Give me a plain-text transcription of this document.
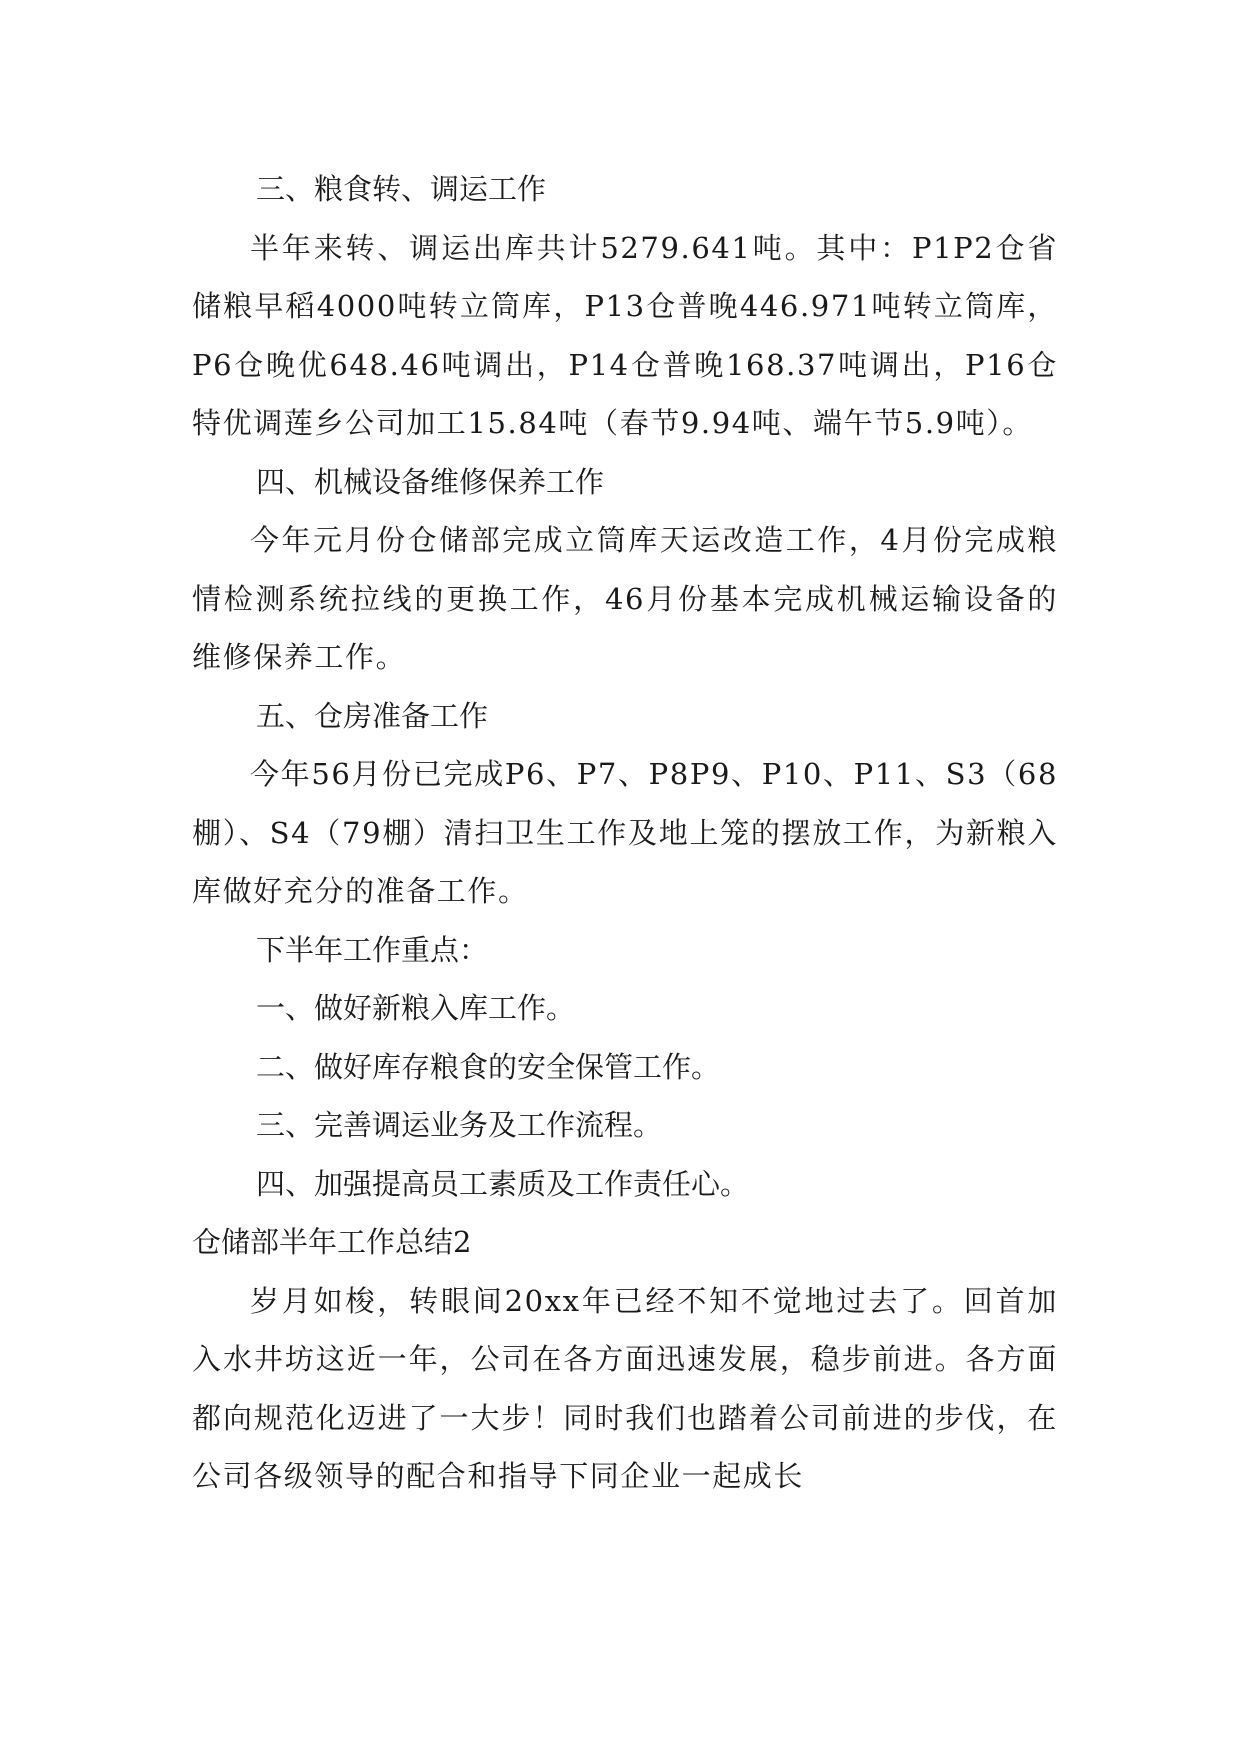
三、粮食转、调运工作

半年来转、调运出库共计5279.641吨。其中：P1P2仓省储粮早稻4000吨转立筒库，P13仓普晚446.971吨转立筒库，P6仓晚优648.46吨调出，P14仓普晚168.37吨调出，P16仓特优调莲乡公司加工15.84吨（春节9.94吨、端午节5.9吨）。

四、机械设备维修保养工作

今年元月份仓储部完成立筒库天运改造工作，4月份完成粮情检测系统拉线的更换工作，46月份基本完成机械运输设备的维修保养工作。

五、仓房准备工作

今年56月份已完成P6、P7、P8P9、P10、P11、S3（68棚）、S4（79棚）清扫卫生工作及地上笼的摆放工作，为新粮入库做好充分的准备工作。

下半年工作重点：
一、做好新粮入库工作。
二、做好库存粮食的安全保管工作。
三、完善调运业务及工作流程。
四、加强提高员工素质及工作责任心。
仓储部半年工作总结2

岁月如梭，转眼间20xx年已经不知不觉地过去了。回首加入水井坊这近一年，公司在各方面迅速发展，稳步前进。各方面都向规范化迈进了一大步！同时我们也踏着公司前进的步伐，在公司各级领导的配合和指导下同企业一起成长
